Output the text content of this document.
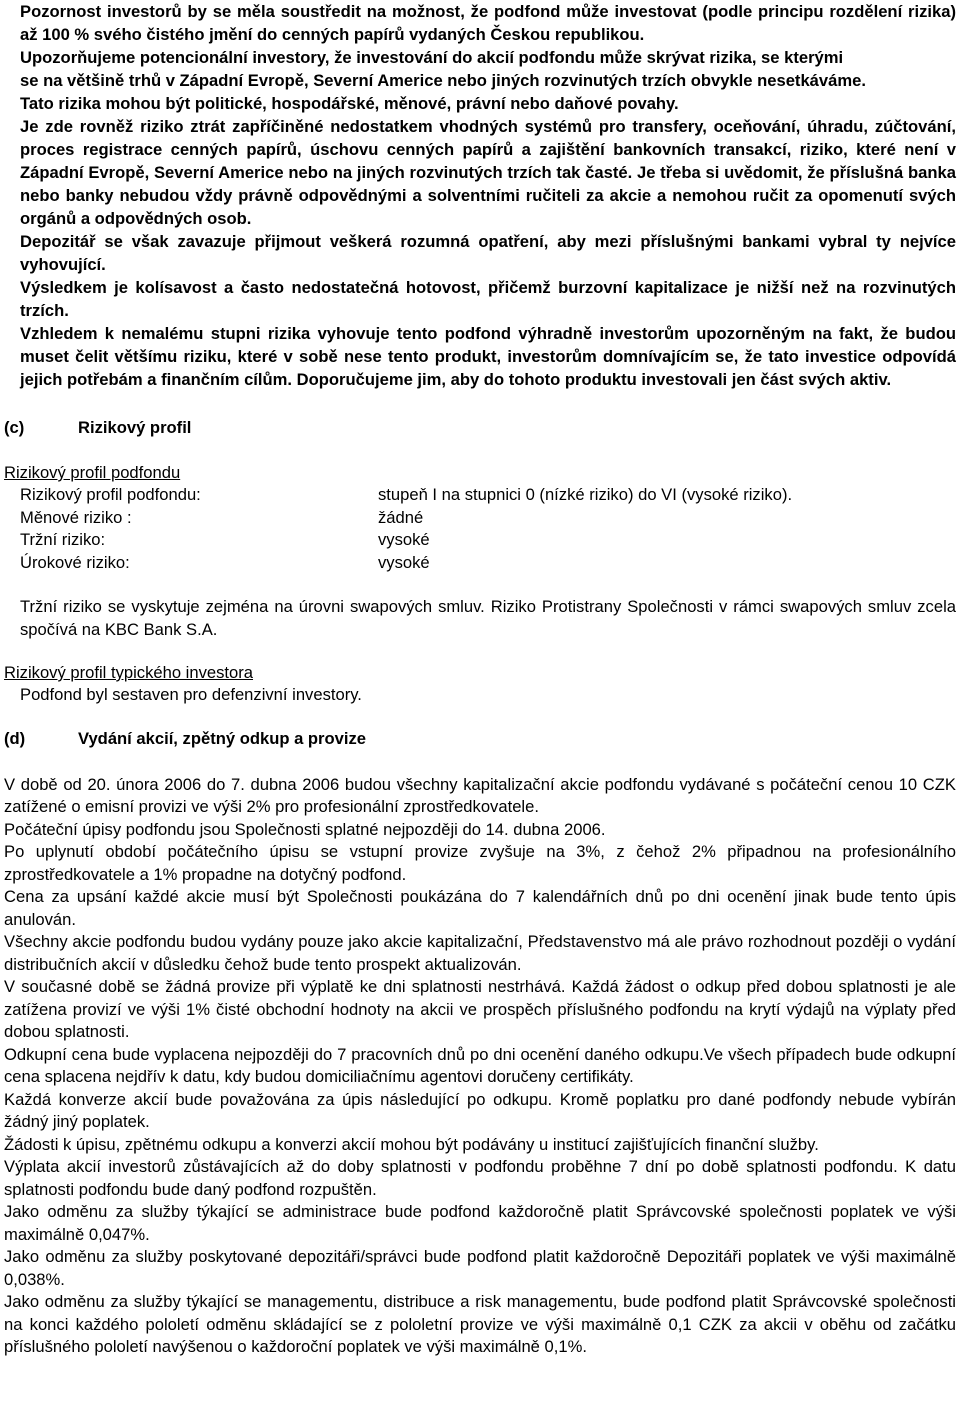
Pozornost investorů by se měla soustředit na možnost, že podfond může investovat (podle principu rozdělení rizika) až 100 % svého čistého jmění do cenných papírů vydaných Českou republikou.

Upozorňujeme potencionální investory, že investování do akcií podfondu může skrývat rizika, se kterými

se na většině trhů v Západní Evropě, Severní Americe nebo jiných rozvinutých trzích obvykle nesetkáváme.

Tato rizika mohou být politické, hospodářské, měnové, právní nebo daňové povahy.

Je zde rovněž riziko ztrát zapříčiněné nedostatkem vhodných systémů pro transfery, oceňování, úhradu, zúčtování, proces registrace cenných papírů, úschovu cenných papírů a zajištění bankovních transakcí, riziko, které není v Západní Evropě, Severní Americe nebo na jiných rozvinutých trzích tak časté. Je třeba si uvědomit, že příslušná banka nebo banky nebudou vždy právně odpovědnými a solventními ručiteli za akcie a nemohou ručit za opomenutí svých orgánů a odpovědných osob.

Depozitář se však zavazuje přijmout veškerá rozumná opatření, aby mezi příslušnými bankami vybral ty nejvíce vyhovující.

Výsledkem je kolísavost a často nedostatečná hotovost, přičemž burzovní kapitalizace je nižší než na rozvinutých trzích.

Vzhledem k nemalému stupni rizika vyhovuje tento podfond výhradně investorům upozorněným na fakt, že budou muset čelit většímu riziku, které v sobě nese tento produkt, investorům domnívajícím se, že tato investice odpovídá jejich potřebám a finančním cílům. Doporučujeme jim, aby do tohoto produktu investovali jen část svých aktiv.

(c)	Rizikový profil

Rizikový profil podfondu

Rizikový profil podfondu:	stupeň I na stupnici 0 (nízké riziko) do VI (vysoké riziko).
Měnové riziko :	žádné
Tržní riziko:	vysoké
Úrokové riziko:	vysoké

Tržní riziko se vyskytuje zejména na úrovni swapových smluv. Riziko Protistrany Společnosti v rámci swapových smluv zcela spočívá na KBC Bank S.A.

Rizikový profil typického investora

Podfond byl sestaven pro defenzivní investory.

(d)	Vydání akcií, zpětný odkup a provize

V době od 20. února 2006 do 7. dubna 2006 budou všechny kapitalizační akcie podfondu vydávané s počáteční cenou 10 CZK zatížené o emisní provizi ve výši 2% pro profesionální zprostředkovatele.

Počáteční úpisy podfondu jsou Společnosti splatné nejpozději do 14. dubna 2006.

Po uplynutí období počátečního úpisu se vstupní provize zvyšuje na 3%, z čehož 2% připadnou na profesionálního zprostředkovatele a 1% propadne na dotyčný podfond.

Cena za upsání každé akcie musí být Společnosti poukázána do 7 kalendářních dnů po dni ocenění jinak bude tento úpis anulován.

Všechny akcie podfondu budou vydány pouze jako akcie kapitalizační, Představenstvo má ale právo rozhodnout později o vydání distribučních akcií v důsledku čehož bude tento prospekt aktualizován.

V současné době se žádná provize při výplatě ke dni splatnosti nestrhává. Každá žádost o odkup před dobou splatnosti je ale zatížena provizí ve výši 1% čisté obchodní hodnoty na akcii ve prospěch příslušného podfondu na krytí výdajů na výplaty před dobou splatnosti.

Odkupní cena bude vyplacena nejpozději do 7 pracovních dnů po dni ocenění daného odkupu.Ve všech případech bude odkupní cena splacena nejdřív k datu, kdy budou domiciliačnímu agentovi doručeny certifikáty.

Každá konverze akcií bude považována za úpis následující po odkupu. Kromě poplatku pro dané podfondy nebude vybírán žádný jiný poplatek.

Žádosti k úpisu, zpětnému odkupu a konverzi akcií mohou být podávány u institucí zajišťujících finanční služby.

Výplata akcií investorů zůstávajících až do doby splatnosti v podfondu proběhne 7 dní po době splatnosti podfondu. K datu splatnosti podfondu bude daný podfond rozpuštěn.

Jako odměnu za služby týkající se administrace bude podfond každoročně platit Správcovské společnosti poplatek ve výši maximálně 0,047%.

Jako odměnu za služby poskytované depozitáři/správci bude podfond platit každoročně Depozitáři poplatek ve výši maximálně 0,038%.

Jako odměnu za služby týkající se managementu, distribuce a risk managementu, bude podfond platit Správcovské společnosti na konci každého pololetí odměnu skládající se z pololetní provize ve výši maximálně 0,1 CZK za akcii v oběhu od začátku příslušného pololetí navýšenou o každoroční poplatek ve výši maximálně 0,1%.
